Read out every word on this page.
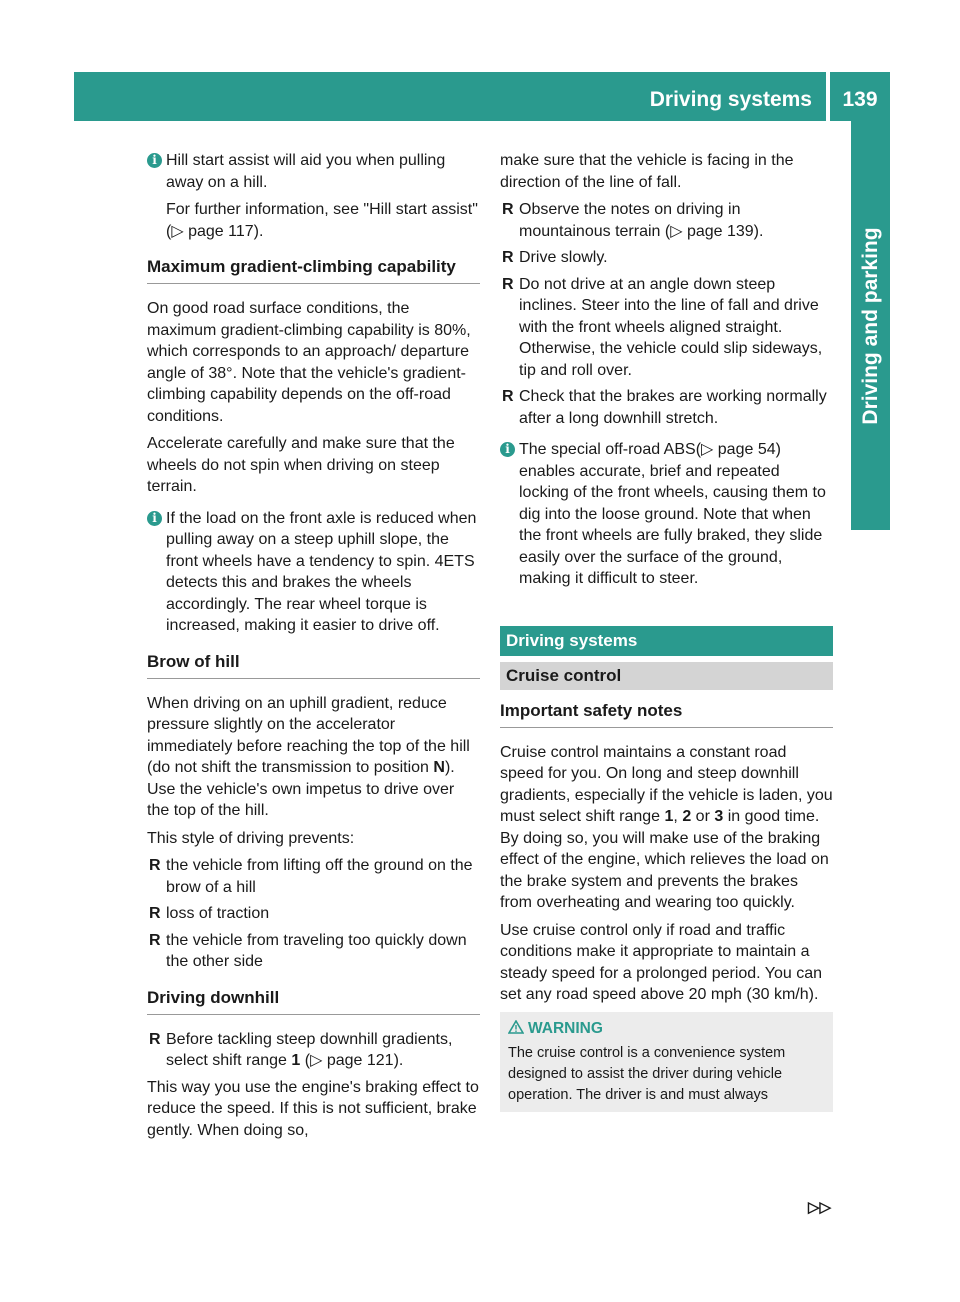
Driving systems	139
Driving and parking
i Hill start assist will aid you when pulling away on a hill.

For further information, see "Hill start assist" (▷ page 117).

Maximum gradient-climbing capability

On good road surface conditions, the maximum gradient-climbing capability is 80%, which corresponds to an approach/ departure angle of 38°. Note that the vehicle's gradient-climbing capability depends on the off-road conditions.

Accelerate carefully and make sure that the wheels do not spin when driving on steep terrain.

i If the load on the front axle is reduced when pulling away on a steep uphill slope, the front wheels have a tendency to spin. 4ETS detects this and brakes the wheels accordingly. The rear wheel torque is increased, making it easier to drive off.

Brow of hill

When driving on an uphill gradient, reduce pressure slightly on the accelerator immediately before reaching the top of the hill (do not shift the transmission to position N). Use the vehicle's own impetus to drive over the top of the hill.

This style of driving prevents:

R the vehicle from lifting off the ground on the brow of a hill
R loss of traction
R the vehicle from traveling too quickly down the other side
Driving downhill
R Before tackling steep downhill gradients, select shift range 1 (▷ page 121).

This way you use the engine's braking effect to reduce the speed. If this is not sufficient, brake gently. When doing so,

make sure that the vehicle is facing in the direction of the line of fall.

R Observe the notes on driving in mountainous terrain (▷ page 139).
R Drive slowly.
R Do not drive at an angle down steep inclines. Steer into the line of fall and drive with the front wheels aligned straight. Otherwise, the vehicle could slip sideways, tip and roll over.
R Check that the brakes are working normally after a long downhill stretch.
i The special off-road ABS(▷ page 54) enables accurate, brief and repeated locking of the front wheels, causing them to dig into the loose ground. Note that when the front wheels are fully braked, they slide easily over the surface of the ground, making it difficult to steer.

Driving systems
Cruise control
Important safety notes

Cruise control maintains a constant road speed for you. On long and steep downhill gradients, especially if the vehicle is laden, you must select shift range 1, 2 or 3 in good time. By doing so, you will make use of the braking effect of the engine, which relieves the load on the brake system and prevents the brakes from overheating and wearing too quickly.

Use cruise control only if road and traffic conditions make it appropriate to maintain a steady speed for a prolonged period. You can set any road speed above 20 mph (30 km/h).

WARNING
The cruise control is a convenience system designed to assist the driver during vehicle operation. The driver is and must always
▷▷
